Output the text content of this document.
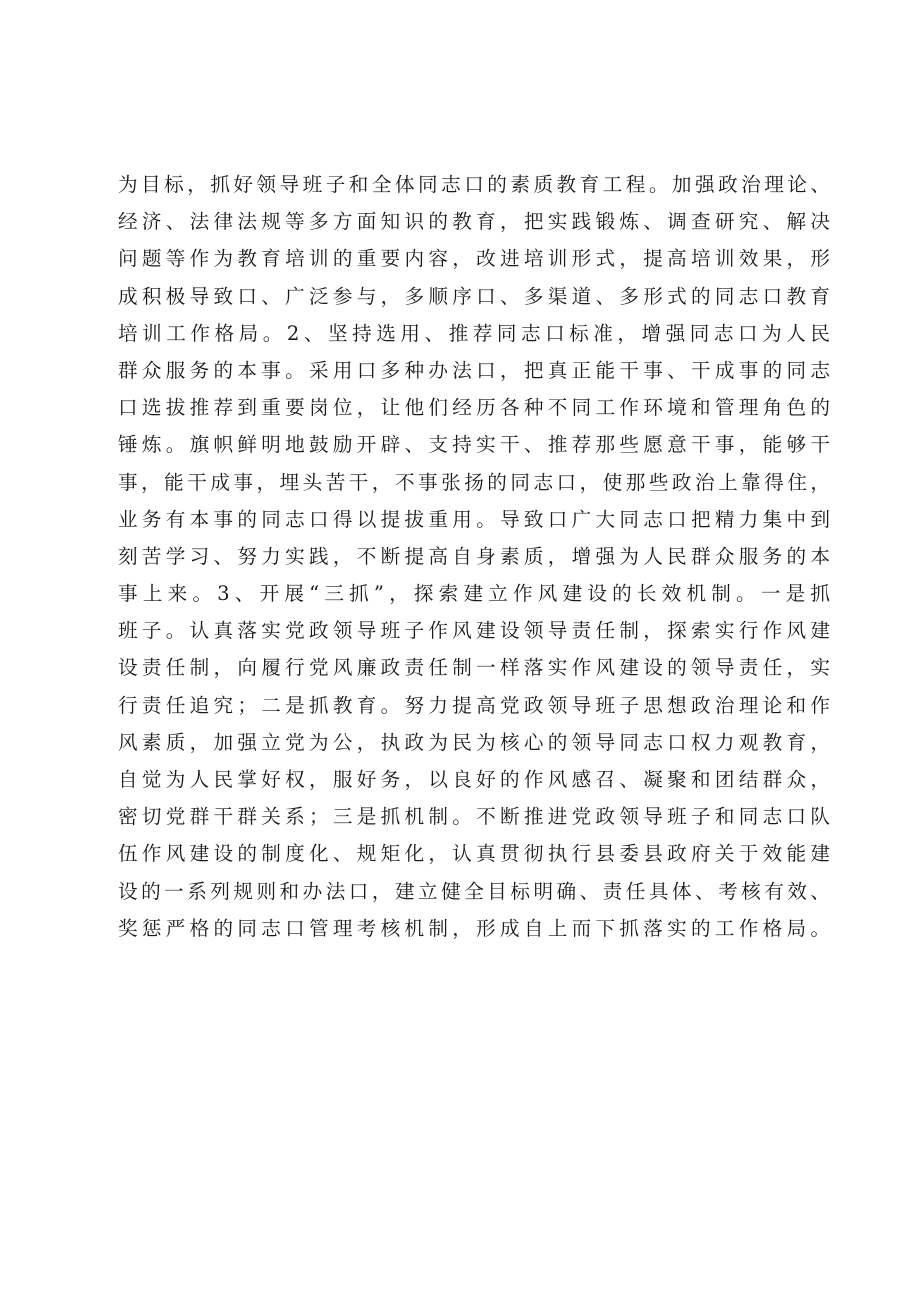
为目标，抓好领导班子和全体同志口的素质教育工程。加强政治理论、
经济、法律法规等多方面知识的教育，把实践锻炼、调查研究、解决
问题等作为教育培训的重要内容，改进培训形式，提高培训效果，形
成积极导致口、广泛参与，多顺序口、多渠道、多形式的同志口教育
培训工作格局。2、坚持选用、推荐同志口标准，增强同志口为人民
群众服务的本事。采用口多种办法口，把真正能干事、干成事的同志
口选拔推荐到重要岗位，让他们经历各种不同工作环境和管理角色的
锤炼。旗帜鲜明地鼓励开辟、支持实干、推荐那些愿意干事，能够干
事，能干成事，埋头苦干，不事张扬的同志口，使那些政治上靠得住，
业务有本事的同志口得以提拔重用。导致口广大同志口把精力集中到
刻苦学习、努力实践，不断提高自身素质，增强为人民群众服务的本
事上来。3、开展“三抓”，探索建立作风建设的长效机制。一是抓
班子。认真落实党政领导班子作风建设领导责任制，探索实行作风建
设责任制，向履行党风廉政责任制一样落实作风建设的领导责任，实
行责任追究；二是抓教育。努力提高党政领导班子思想政治理论和作
风素质，加强立党为公，执政为民为核心的领导同志口权力观教育，
自觉为人民掌好权，服好务，以良好的作风感召、凝聚和团结群众，
密切党群干群关系；三是抓机制。不断推进党政领导班子和同志口队
伍作风建设的制度化、规矩化，认真贯彻执行县委县政府关于效能建
设的一系列规则和办法口，建立健全目标明确、责任具体、考核有效、
奖惩严格的同志口管理考核机制，形成自上而下抓落实的工作格局。
